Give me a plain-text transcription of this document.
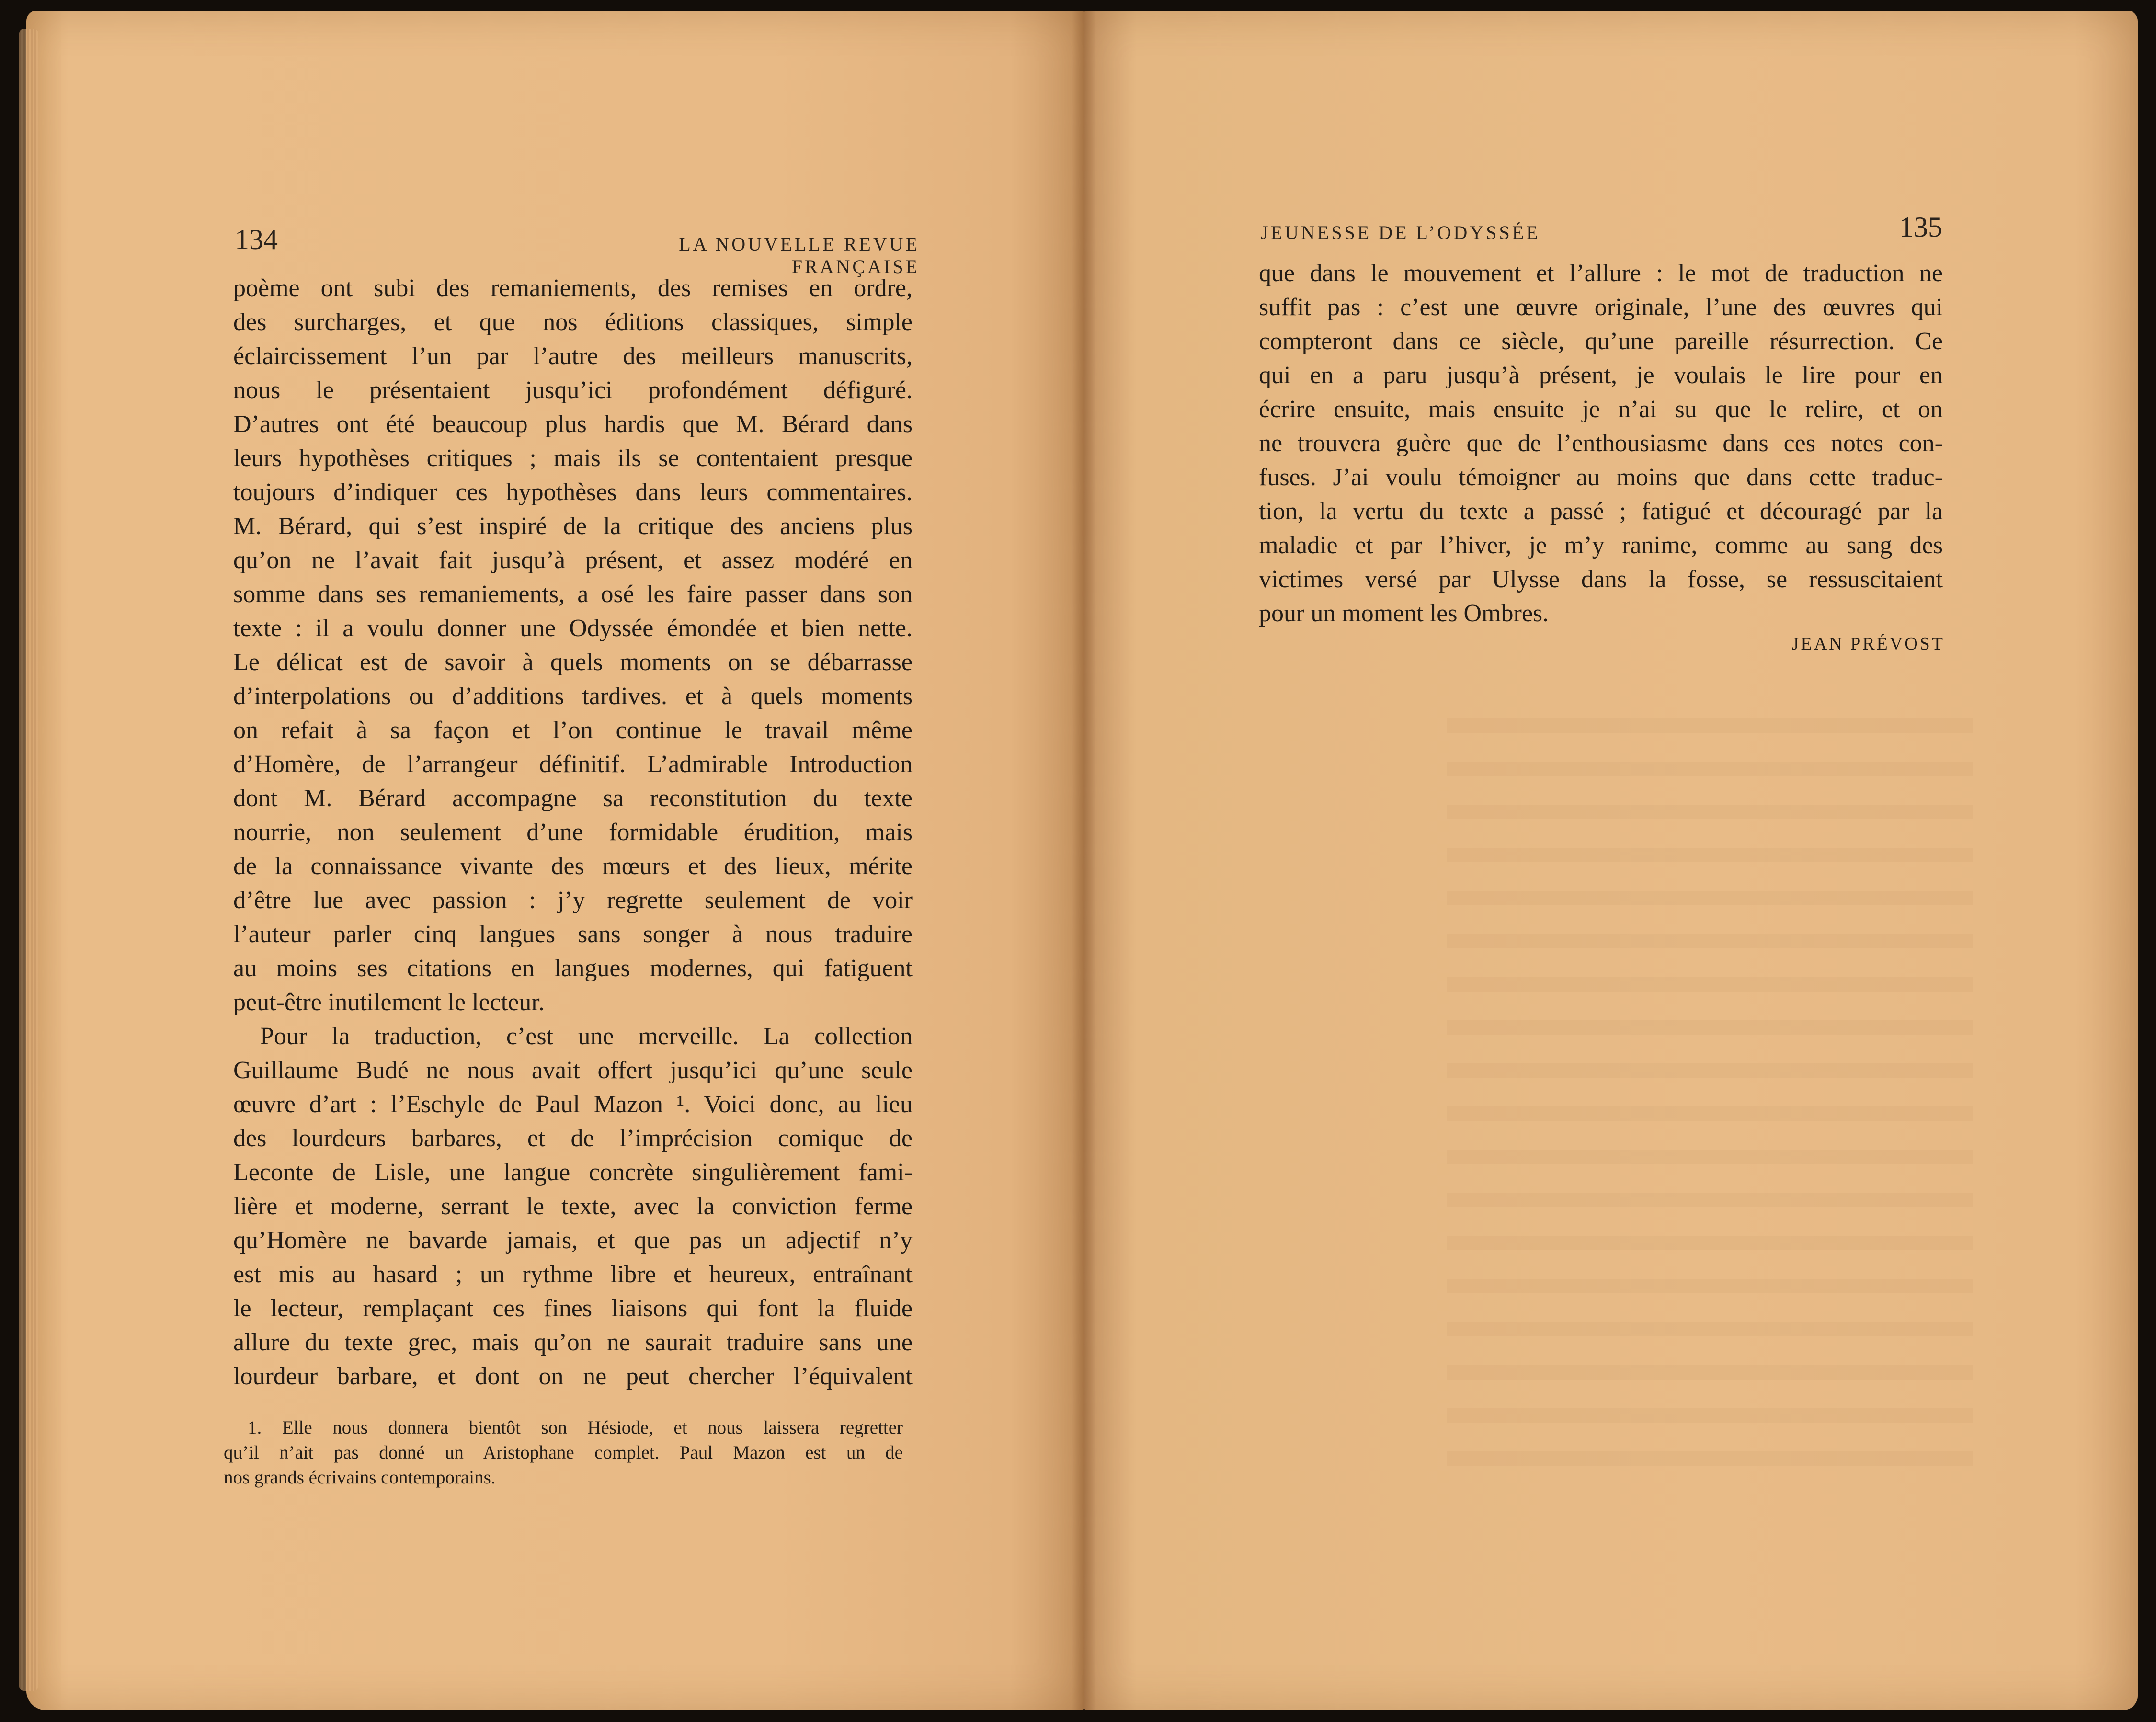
134	LA NOUVELLE REVUE FRANÇAISE
poème ont subi des remaniements, des remises en ordre,
des surcharges, et que nos éditions classiques, simple
éclaircissement l’un par l’autre des meilleurs manuscrits,
nous le présentaient jusqu’ici profondément défiguré.
D’autres ont été beaucoup plus hardis que M. Bérard dans
leurs hypothèses critiques ; mais ils se contentaient presque
toujours d’indiquer ces hypothèses dans leurs commentaires.
M. Bérard, qui s’est inspiré de la critique des anciens plus
qu’on ne l’avait fait jusqu’à présent, et assez modéré en
somme dans ses remaniements, a osé les faire passer dans son
texte : il a voulu donner une Odyssée émondée et bien nette.
Le délicat est de savoir à quels moments on se débarrasse
d’interpolations ou d’additions tardives. et à quels moments
on refait à sa façon et l’on continue le travail même
d’Homère, de l’arrangeur définitif. L’admirable Introduction
dont M. Bérard accompagne sa reconstitution du texte
nourrie, non seulement d’une formidable érudition, mais
de la connaissance vivante des mœurs et des lieux, mérite
d’être lue avec passion : j’y regrette seulement de voir
l’auteur parler cinq langues sans songer à nous traduire
au moins ses citations en langues modernes, qui fatiguent
peut-être inutilement le lecteur.
Pour la traduction, c’est une merveille. La collection
Guillaume Budé ne nous avait offert jusqu’ici qu’une seule
œuvre d’art : l’Eschyle de Paul Mazon ¹. Voici donc, au lieu
des lourdeurs barbares, et de l’imprécision comique de
Leconte de Lisle, une langue concrète singulièrement fami-
lière et moderne, serrant le texte, avec la conviction ferme
qu’Homère ne bavarde jamais, et que pas un adjectif n’y
est mis au hasard ; un rythme libre et heureux, entraînant
le lecteur, remplaçant ces fines liaisons qui font la fluide
allure du texte grec, mais qu’on ne saurait traduire sans une
lourdeur barbare, et dont on ne peut chercher l’équivalent
1. Elle nous donnera bientôt son Hésiode, et nous laissera regretter
qu’il n’ait pas donné un Aristophane complet. Paul Mazon est un de
nos grands écrivains contemporains.
JEUNESSE DE L’ODYSSÉE	135
que dans le mouvement et l’allure : le mot de traduction ne
suffit pas : c’est une œuvre originale, l’une des œuvres qui
compteront dans ce siècle, qu’une pareille résurrection. Ce
qui en a paru jusqu’à présent, je voulais le lire pour en
écrire ensuite, mais ensuite je n’ai su que le relire, et on
ne trouvera guère que de l’enthousiasme dans ces notes con-
fuses. J’ai voulu témoigner au moins que dans cette traduc-
tion, la vertu du texte a passé ; fatigué et découragé par la
maladie et par l’hiver, je m’y ranime, comme au sang des
victimes versé par Ulysse dans la fosse, se ressuscitaient
pour un moment les Ombres.
JEAN PRÉVOST
